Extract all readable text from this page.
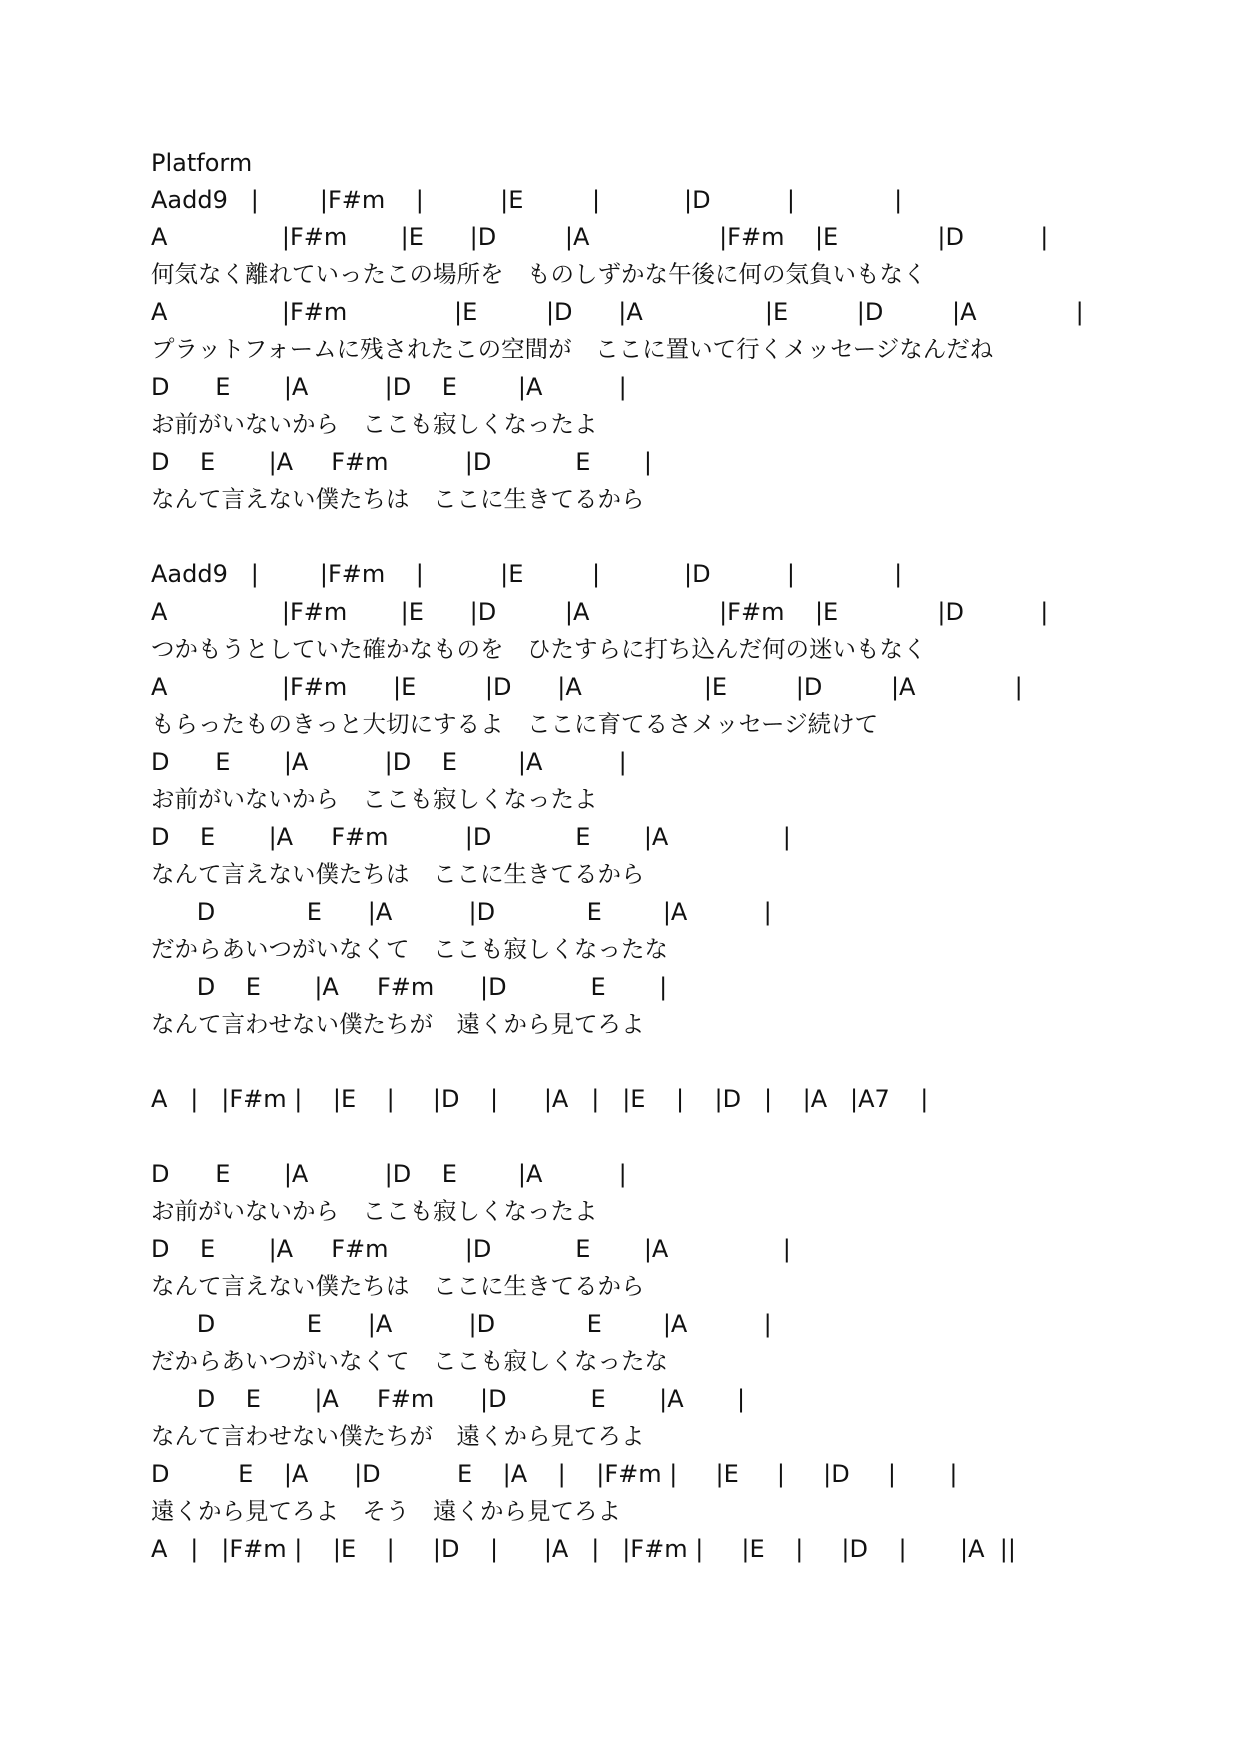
Platform
Aadd9   |        |F#m    |          |E         |           |D          |             |
A               |F#m       |E      |D         |A                 |F#m    |E             |D          |
何気なく離れていったこの場所を　ものしずかな午後に何の気負いもなく
A               |F#m              |E         |D      |A                |E         |D         |A             |
プラットフォームに残されたこの空間が　ここに置いて行くメッセージなんだね
D      E       |A          |D    E        |A          |
お前がいないから　ここも寂しくなったよ
D    E       |A     F#m          |D           E       |
なんて言えない僕たちは　ここに生きてるから
Aadd9   |        |F#m    |          |E         |           |D          |             |
A               |F#m       |E      |D         |A                 |F#m    |E             |D          |
つかもうとしていた確かなものを　ひたすらに打ち込んだ何の迷いもなく
A               |F#m      |E         |D      |A                |E         |D         |A             |
もらったものきっと大切にするよ　ここに育てるさメッセージ続けて
D      E       |A          |D    E        |A          |
お前がいないから　ここも寂しくなったよ
D    E       |A     F#m          |D           E       |A               |
なんて言えない僕たちは　ここに生きてるから
D            E      |A          |D            E        |A          |
だからあいつがいなくて　ここも寂しくなったな
D    E       |A     F#m      |D           E       |
なんて言わせない僕たちが　遠くから見てろよ
A   |   |F#m |    |E    |     |D    |      |A   |   |E    |    |D   |    |A   |A7    |
D      E       |A          |D    E        |A          |
お前がいないから　ここも寂しくなったよ
D    E       |A     F#m          |D           E       |A               |
なんて言えない僕たちは　ここに生きてるから
D            E      |A          |D            E        |A          |
だからあいつがいなくて　ここも寂しくなったな
D    E       |A     F#m      |D           E       |A       |
なんて言わせない僕たちが　遠くから見てろよ
D         E    |A      |D          E    |A    |    |F#m |     |E     |     |D     |       |
遠くから見てろよ　そう　遠くから見てろよ
A   |   |F#m |    |E    |     |D    |      |A   |   |F#m |     |E    |     |D    |       |A  ||
